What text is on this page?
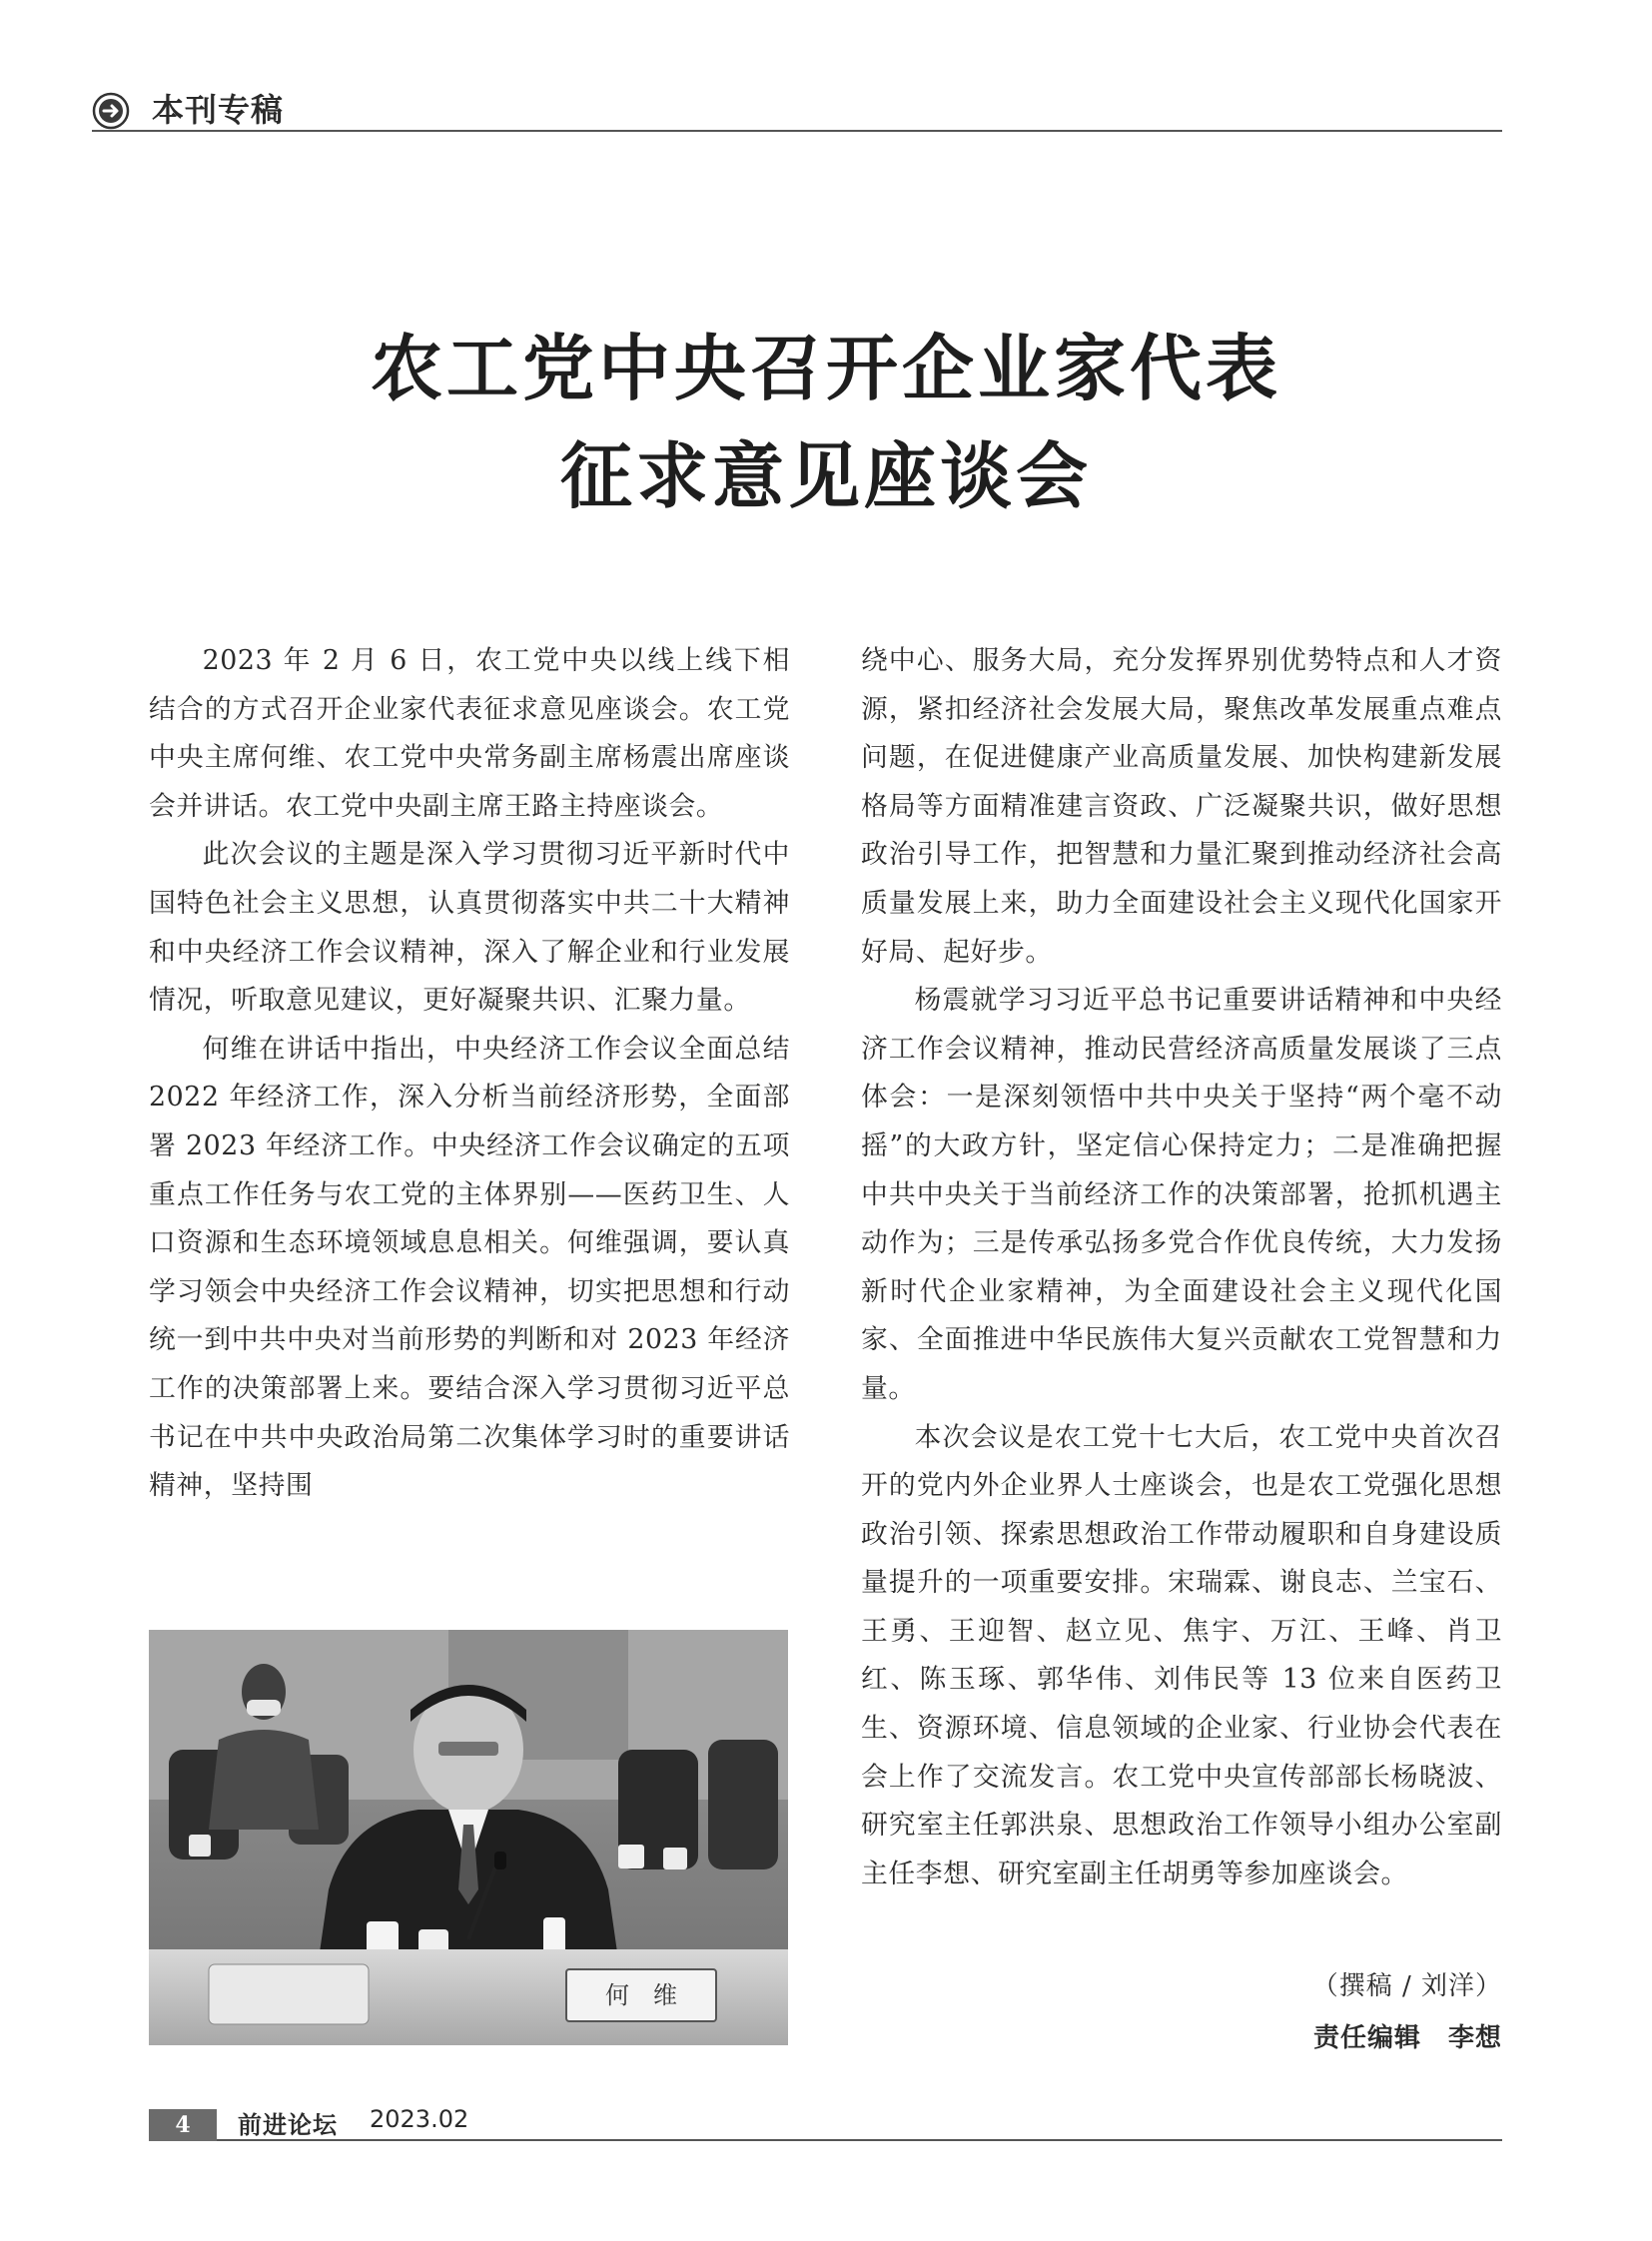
本刊专稿
农工党中央召开企业家代表
征求意见座谈会

2023 年 2 月 6 日，农工党中央以线上线下相结合的方式召开企业家代表征求意见座谈会。农工党中央主席何维、农工党中央常务副主席杨震出席座谈会并讲话。农工党中央副主席王路主持座谈会。

此次会议的主题是深入学习贯彻习近平新时代中国特色社会主义思想，认真贯彻落实中共二十大精神和中央经济工作会议精神，深入了解企业和行业发展情况，听取意见建议，更好凝聚共识、汇聚力量。

何维在讲话中指出，中央经济工作会议全面总结 2022 年经济工作，深入分析当前经济形势，全面部署 2023 年经济工作。中央经济工作会议确定的五项重点工作任务与农工党的主体界别——医药卫生、人口资源和生态环境领域息息相关。何维强调，要认真学习领会中央经济工作会议精神，切实把思想和行动统一到中共中央对当前形势的判断和对 2023 年经济工作的决策部署上来。要结合深入学习贯彻习近平总书记在中共中央政治局第二次集体学习时的重要讲话精神，坚持围

绕中心、服务大局，充分发挥界别优势特点和人才资源，紧扣经济社会发展大局，聚焦改革发展重点难点问题，在促进健康产业高质量发展、加快构建新发展格局等方面精准建言资政、广泛凝聚共识，做好思想政治引导工作，把智慧和力量汇聚到推动经济社会高质量发展上来，助力全面建设社会主义现代化国家开好局、起好步。

杨震就学习习近平总书记重要讲话精神和中央经济工作会议精神，推动民营经济高质量发展谈了三点体会：一是深刻领悟中共中央关于坚持“两个毫不动摇”的大政方针，坚定信心保持定力；二是准确把握中共中央关于当前经济工作的决策部署，抢抓机遇主动作为；三是传承弘扬多党合作优良传统，大力发扬新时代企业家精神，为全面建设社会主义现代化国家、全面推进中华民族伟大复兴贡献农工党智慧和力量。

本次会议是农工党十七大后，农工党中央首次召开的党内外企业界人士座谈会，也是农工党强化思想政治引领、探索思想政治工作带动履职和自身建设质量提升的一项重要安排。宋瑞霖、谢良志、兰宝石、王勇、王迎智、赵立见、焦宇、万江、王峰、肖卫红、陈玉琢、郭华伟、刘伟民等 13 位来自医药卫生、资源环境、信息领域的企业家、行业协会代表在会上作了交流发言。农工党中央宣传部部长杨晓波、研究室主任郭洪泉、思想政治工作领导小组办公室副主任李想、研究室副主任胡勇等参加座谈会。

何　维	（撰稿 / 刘洋）
责任编辑　李想
4	前进论坛 2023.02
